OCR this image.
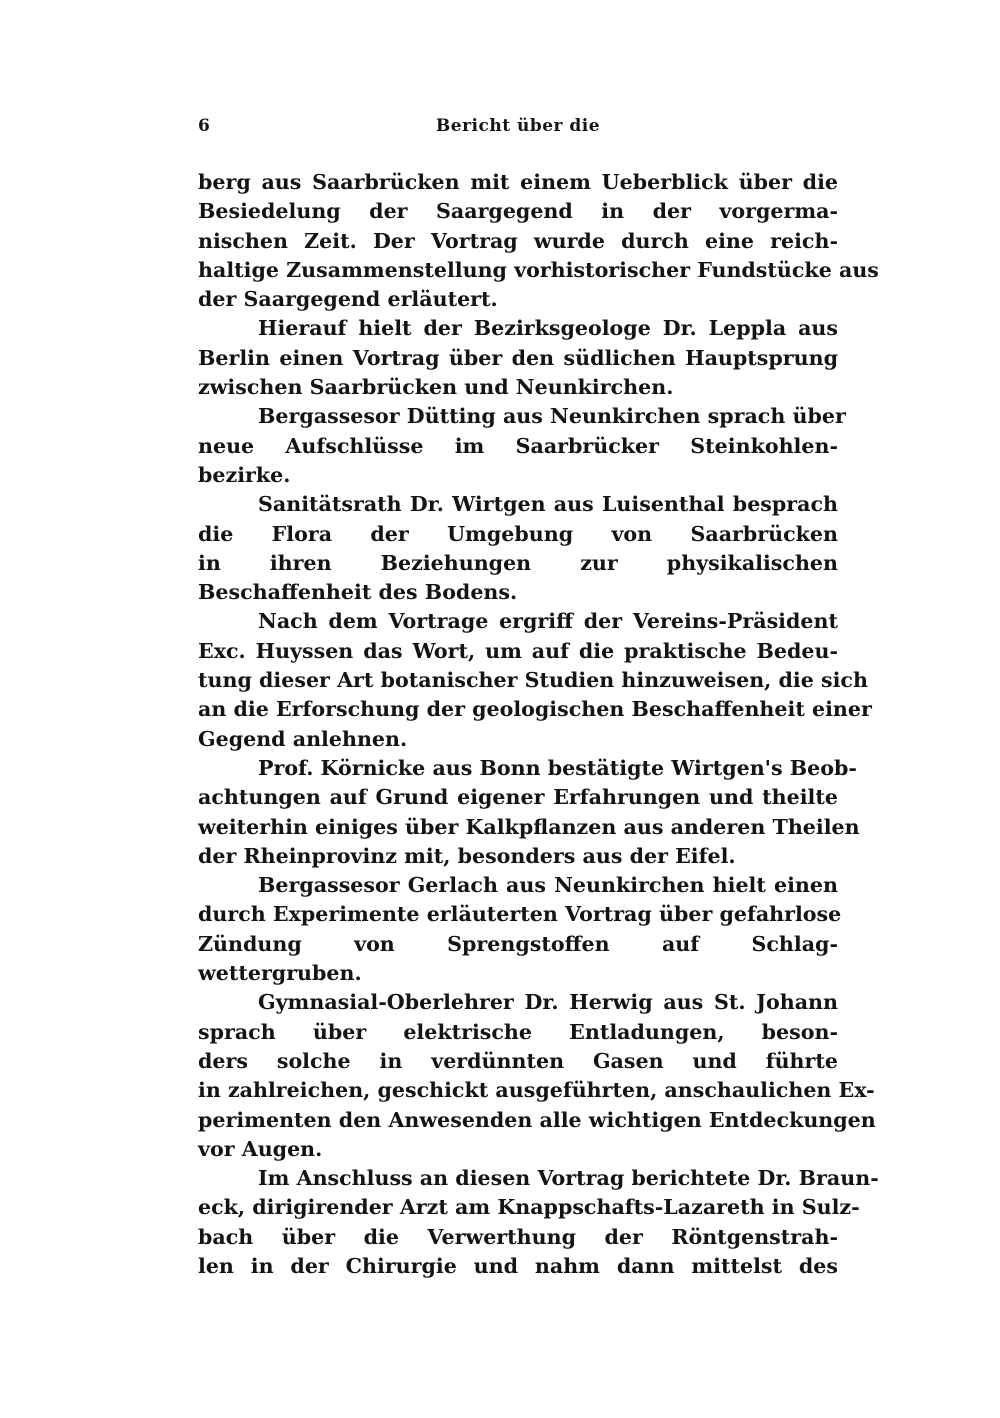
6	Bericht über die
berg aus Saarbrücken mit einem Ueberblick über die
Besiedelung der Saargegend in der vorgerma-
nischen Zeit. Der Vortrag wurde durch eine reich-
haltige Zusammenstellung vorhistorischer Fundstücke aus
der Saargegend erläutert.
Hierauf hielt der Bezirksgeologe Dr. Leppla aus
Berlin einen Vortrag über den südlichen Hauptsprung
zwischen Saarbrücken und Neunkirchen.
Bergassesor Dütting aus Neunkirchen sprach über
neue Aufschlüsse im Saarbrücker Steinkohlen-
bezirke.
Sanitätsrath Dr. Wirtgen aus Luisenthal besprach
die Flora der Umgebung von Saarbrücken
in ihren Beziehungen zur physikalischen
Beschaffenheit des Bodens.
Nach dem Vortrage ergriff der Vereins-Präsident
Exc. Huyssen das Wort, um auf die praktische Bedeu-
tung dieser Art botanischer Studien hinzuweisen, die sich
an die Erforschung der geologischen Beschaffenheit einer
Gegend anlehnen.
Prof. Körnicke aus Bonn bestätigte Wirtgen's Beob-
achtungen auf Grund eigener Erfahrungen und theilte
weiterhin einiges über Kalkpflanzen aus anderen Theilen
der Rheinprovinz mit, besonders aus der Eifel.
Bergassesor Gerlach aus Neunkirchen hielt einen
durch Experimente erläuterten Vortrag über gefahrlose
Zündung von Sprengstoffen auf Schlag-
wettergruben.
Gymnasial-Oberlehrer Dr. Herwig aus St. Johann
sprach über elektrische Entladungen, beson-
ders solche in verdünnten Gasen und führte
in zahlreichen, geschickt ausgeführten, anschaulichen Ex-
perimenten den Anwesenden alle wichtigen Entdeckungen
vor Augen.
Im Anschluss an diesen Vortrag berichtete Dr. Braun-
eck, dirigirender Arzt am Knappschafts-Lazareth in Sulz-
bach über die Verwerthung der Röntgenstrah-
len in der Chirurgie und nahm dann mittelst des
